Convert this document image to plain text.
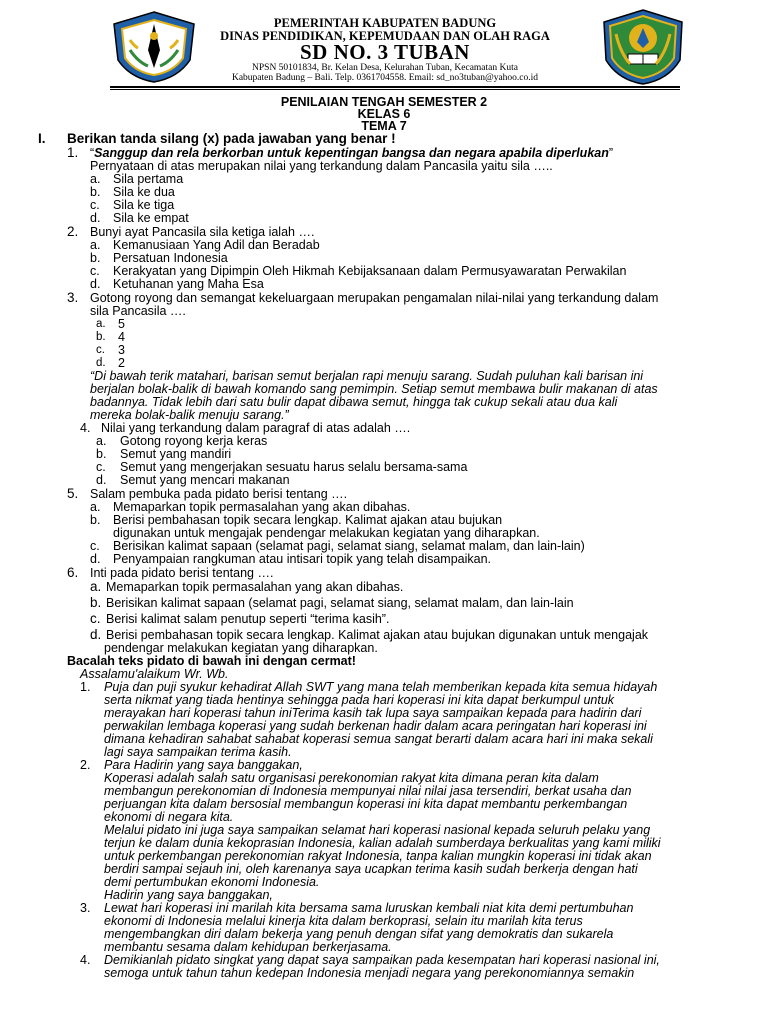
PEMERINTAH KABUPATEN BADUNG
DINAS PENDIDIKAN, KEPEMUDAAN DAN OLAH RAGA
SD NO. 3 TUBAN
NPSN 50101834, Br. Kelan Desa, Kelurahan Tuban, Kecamatan Kuta
Kabupaten Badung – Bali. Telp. 0361704558. Email: sd_no3tuban@yahoo.co.id
PENILAIAN TENGAH SEMESTER 2
KELAS 6
TEMA 7
I. Berikan tanda silang (x) pada jawaban yang benar !
1. “Sanggup dan rela berkorban untuk kepentingan bangsa dan negara apabila diperlukan”
Pernyataan di atas merupakan nilai yang terkandung dalam Pancasila yaitu sila …..
a. Sila pertama
b. Sila ke dua
c. Sila ke tiga
d. Sila ke empat
2. Bunyi ayat Pancasila sila ketiga ialah ….
a. Kemanusiaan Yang Adil dan Beradab
b. Persatuan Indonesia
c. Kerakyatan yang Dipimpin Oleh Hikmah Kebijaksanaan dalam Permusyawaratan Perwakilan
d. Ketuhanan yang Maha Esa
3. Gotong royong dan semangat kekeluargaan merupakan pengamalan nilai-nilai yang terkandung dalam
sila Pancasila ….
a. 5
b. 4
c. 3
d. 2
“Di bawah terik matahari, barisan semut berjalan rapi menuju sarang. Sudah puluhan kali barisan ini
berjalan bolak-balik di bawah komando sang pemimpin. Setiap semut membawa bulir makanan di atas
badannya. Tidak lebih dari satu bulir dapat dibawa semut, hingga tak cukup sekali atau dua kali
mereka bolak-balik menuju sarang.”
4. Nilai yang terkandung dalam paragraf di atas adalah ….
a. Gotong royong kerja keras
b. Semut yang mandiri
c. Semut yang mengerjakan sesuatu harus selalu bersama-sama
d. Semut yang mencari makanan
5. Salam pembuka pada pidato berisi tentang ….
a. Memaparkan topik permasalahan yang akan dibahas.
b. Berisi pembahasan topik secara lengkap. Kalimat ajakan atau bujukan
digunakan untuk mengajak pendengar melakukan kegiatan yang diharapkan.
c. Berisikan kalimat sapaan (selamat pagi, selamat siang, selamat malam, dan lain-lain)
d. Penyampaian rangkuman atau intisari topik yang telah disampaikan.
6. Inti pada pidato berisi tentang ….
a. Memaparkan topik permasalahan yang akan dibahas.
b. Berisikan kalimat sapaan (selamat pagi, selamat siang, selamat malam, dan lain-lain
c. Berisi kalimat salam penutup seperti “terima kasih”.
d. Berisi pembahasan topik secara lengkap. Kalimat ajakan atau bujukan digunakan untuk mengajak
pendengar melakukan kegiatan yang diharapkan.
Bacalah teks pidato di bawah ini dengan cermat!
Assalamu'alaikum Wr. Wb.
1. Puja dan puji syukur kehadirat Allah SWT yang mana telah memberikan kepada kita semua hidayah
serta nikmat yang tiada hentinya sehingga pada hari koperasi ini kita dapat berkumpul untuk
merayakan hari koperasi tahun iniTerima kasih tak lupa saya sampaikan kepada para hadirin dari
perwakilan lembaga koperasi yang sudah berkenan hadir dalam acara peringatan hari koperasi ini
dimana kehadiran sahabat sahabat koperasi semua sangat berarti dalam acara hari ini maka sekali
lagi saya sampaikan terima kasih.
2. Para Hadirin yang saya banggakan,
Koperasi adalah salah satu organisasi perekonomian rakyat kita dimana peran kita dalam
membangun perekonomian di Indonesia mempunyai nilai nilai jasa tersendiri, berkat usaha dan
perjuangan kita dalam bersosial membangun koperasi ini kita dapat membantu perkembangan
ekonomi di negara kita.
Melalui pidato ini juga saya sampaikan selamat hari koperasi nasional kepada seluruh pelaku yang
terjun ke dalam dunia kekoprasian Indonesia, kalian adalah sumberdaya berkualitas yang kami miliki
untuk perkembangan perekonomian rakyat Indonesia, tanpa kalian mungkin koperasi ini tidak akan
berdiri sampai sejauh ini, oleh karenanya saya ucapkan terima kasih sudah berkerja dengan hati
demi pertumbukan ekonomi Indonesia.
Hadirin yang saya banggakan,
3. Lewat hari koperasi ini marilah kita bersama sama luruskan kembali niat kita demi pertumbuhan
ekonomi di Indonesia melalui kinerja kita dalam berkoprasi, selain itu marilah kita terus
mengembangkan diri dalam bekerja yang penuh dengan sifat yang demokratis dan sukarela
membantu sesama dalam kehidupan berkerjasama.
4. Demikianlah pidato singkat yang dapat saya sampaikan pada kesempatan hari koperasi nasional ini,
semoga untuk tahun tahun kedepan Indonesia menjadi negara yang perekonomiannya semakin
